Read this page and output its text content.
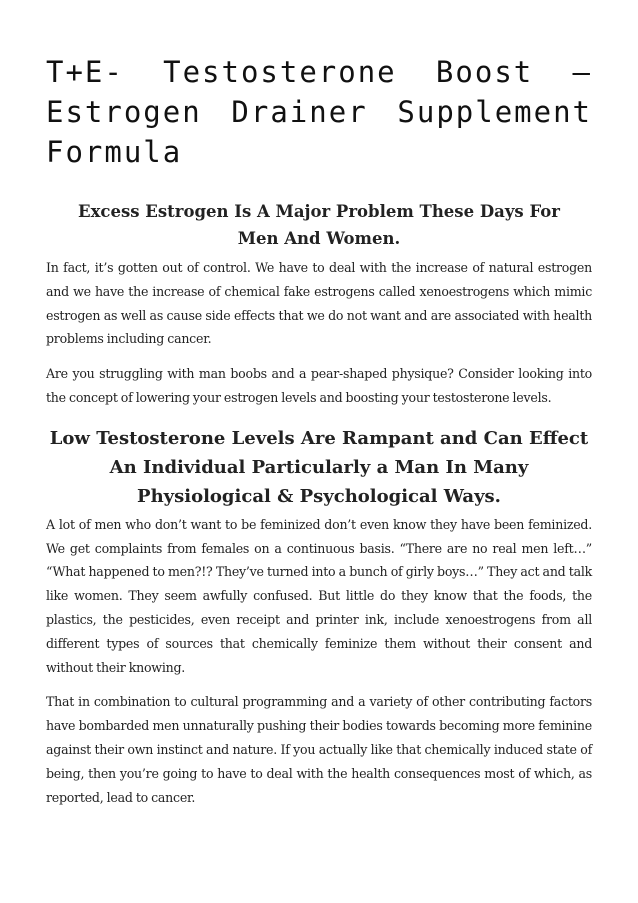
T+E- Testosterone Boost – Estrogen Drainer Supplement Formula
Excess Estrogen Is A Major Problem These Days For Men And Women.

In fact, it’s gotten out of control. We have to deal with the increase of natural estrogen and we have the increase of chemical fake estrogens called xenoestrogens which mimic estrogen as well as cause side effects that we do not want and are associated with health problems including cancer.

Are you struggling with man boobs and a pear-shaped physique? Consider looking into the concept of lowering your estrogen levels and boosting your testosterone levels.

Low Testosterone Levels Are Rampant and Can Effect An Individual Particularly a Man In Many Physiological & Psychological Ways.

A lot of men who don’t want to be feminized don’t even know they have been feminized. We get complaints from females on a continuous basis. “There are no real men left…” “What happened to men?!? They’ve turned into a bunch of girly boys…” They act and talk like women. They seem awfully confused. But little do they know that the foods, the plastics, the pesticides, even receipt and printer ink, include xenoestrogens from all different types of sources that chemically feminize them without their consent and without their knowing.

That in combination to cultural programming and a variety of other contributing factors have bombarded men unnaturally pushing their bodies towards becoming more feminine against their own instinct and nature. If you actually like that chemically induced state of being, then you’re going to have to deal with the health consequences most of which, as reported, lead to cancer.
